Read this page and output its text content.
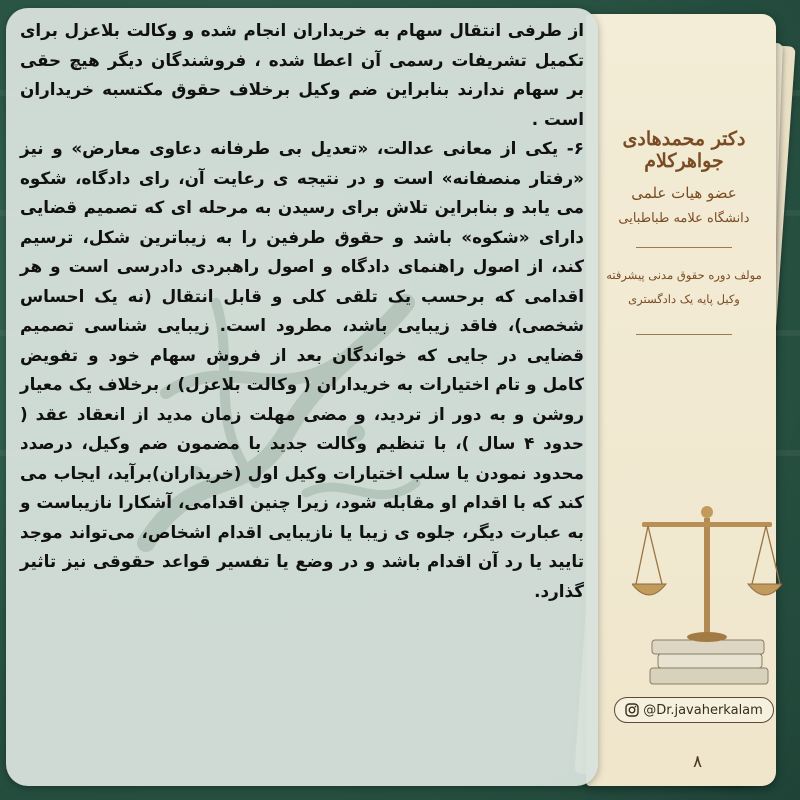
دکتر محمدهادی جواهرکلام
عضو هیات علمی
دانشگاه علامه طباطبایی
مولف دوره حقوق مدنی پیشرفته
وکیل پایه یک دادگستری
@Dr.javaherkalam
۸
از طرفی انتقال سهام به خریداران انجام شده و وکالت بلاعزل برای تکمیل تشریفات رسمی آن اعطا شده ، فروشندگان دیگر هیچ حقی بر سهام ندارند بنابراین ضم وکیل برخلاف حقوق مکتسبه خریداران است .
۶- یکی از معانی عدالت، «تعدیل بی طرفانه دعاوی معارض» و نیز «رفتار منصفانه» است و در نتیجه ی رعایت آن، رای دادگاه، شکوه می یابد و بنابراین تلاش برای رسیدن به مرحله ای که تصمیم قضایی دارای «شکوه» باشد و حقوق طرفین را به زیباترین شکل، ترسیم کند، از اصول راهنمای دادگاه و اصول راهبردی دادرسی است و هر اقدامی که برحسب یک تلقی کلی و قابل انتقال (نه یک احساس شخصی)، فاقد زیبایی باشد، مطرود است. زیبایی شناسی تصمیم قضایی در جایی که خواندگان بعد از فروش سهام خود و تفویض کامل و تام اختیارات به خریداران ( وکالت بلاعزل) ، برخلاف یک معیار روشن و به دور از تردید، و مضی مهلت زمان مدید از انعقاد عقد ( حدود ۴ سال )، با تنظیم وکالت جدید با مضمون ضم وکیل، درصدد محدود نمودن یا سلب اختیارات وکیل اول (خریداران)برآید، ایجاب می کند که با اقدام او مقابله شود، زیرا چنین اقدامی، آشکارا نازیباست و به عبارت دیگر، جلوه ی زیبا یا نازیبایی اقدام اشخاص، می‌تواند موجد تایید یا رد آن اقدام باشد و در وضع یا تفسیر قواعد حقوقی نیز تاثیر گذارد.
